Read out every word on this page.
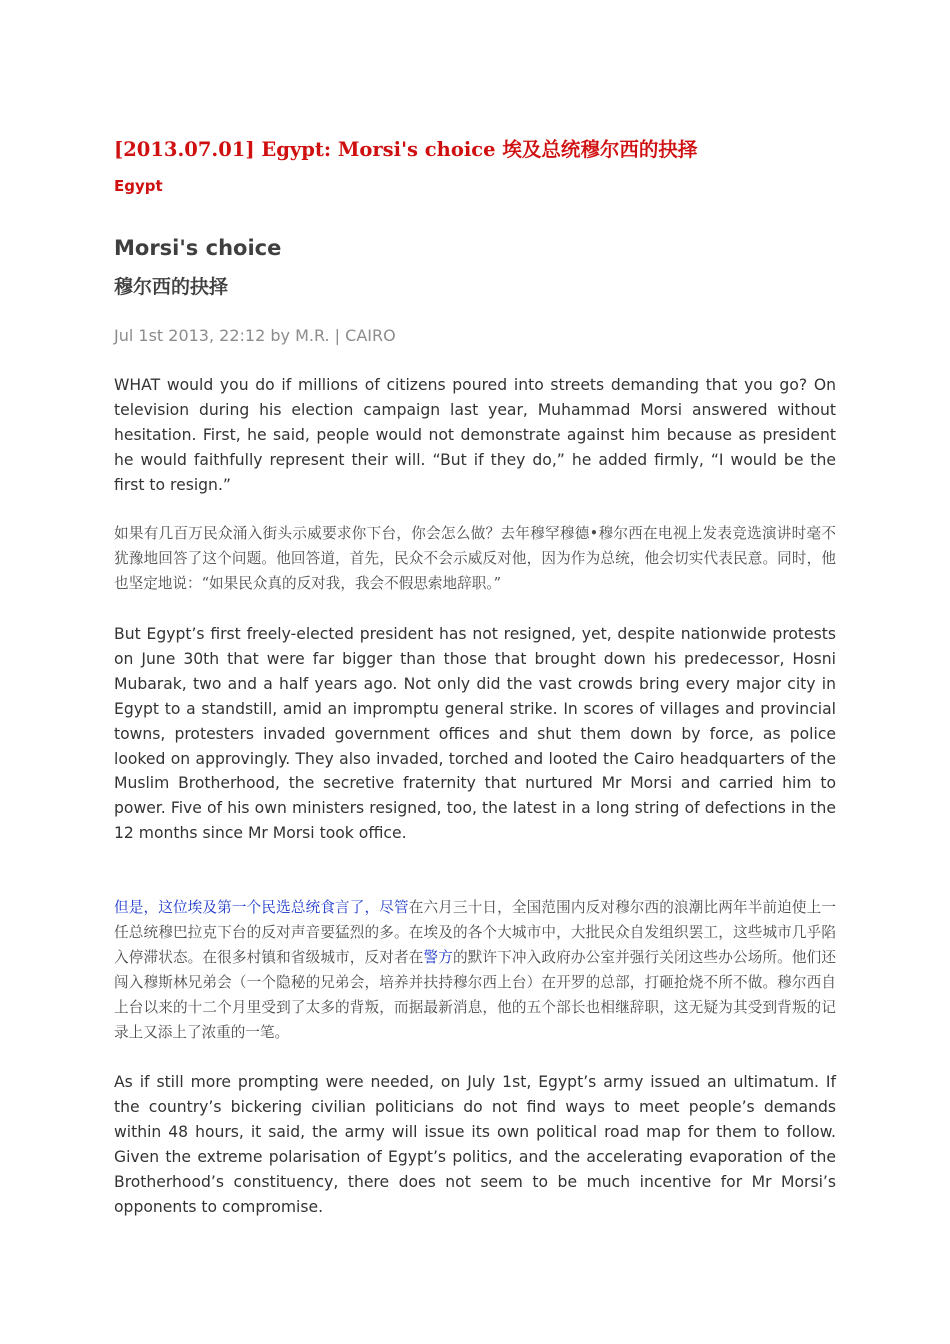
[2013.07.01] Egypt: Morsi's choice 埃及总统穆尔西的抉择
Egypt
Morsi's choice
穆尔西的抉择
Jul 1st 2013, 22:12 by M.R. | CAIRO

WHAT would you do if millions of citizens poured into streets demanding that you go? On television during his election campaign last year, Muhammad Morsi answered without hesitation. First, he said, people would not demonstrate against him because as president he would faithfully represent their will. “But if they do,” he added firmly, “I would be the first to resign.”

如果有几百万民众涌入街头示威要求你下台，你会怎么做？去年穆罕穆德•穆尔西在电视上发表竞选演讲时毫不犹豫地回答了这个问题。他回答道，首先，民众不会示威反对他，因为作为总统，他会切实代表民意。同时，他也坚定地说：“如果民众真的反对我，我会不假思索地辞职。”

But Egypt’s first freely-elected president has not resigned, yet, despite nationwide protests on June 30th that were far bigger than those that brought down his predecessor, Hosni Mubarak, two and a half years ago. Not only did the vast crowds bring every major city in Egypt to a standstill, amid an impromptu general strike. In scores of villages and provincial towns, protesters invaded government offices and shut them down by force, as police looked on approvingly. They also invaded, torched and looted the Cairo headquarters of the Muslim Brotherhood, the secretive fraternity that nurtured Mr Morsi and carried him to power. Five of his own ministers resigned, too, the latest in a long string of defections in the 12 months since Mr Morsi took office.

但是，这位埃及第一个民选总统食言了，尽管在六月三十日，全国范围内反对穆尔西的浪潮比两年半前迫使上一任总统穆巴拉克下台的反对声音要猛烈的多。在埃及的各个大城市中，大批民众自发组织罢工，这些城市几乎陷入停滞状态。在很多村镇和省级城市，反对者在警方的默许下冲入政府办公室并强行关闭这些办公场所。他们还闯入穆斯林兄弟会（一个隐秘的兄弟会，培养并扶持穆尔西上台）在开罗的总部，打砸抢烧不所不做。穆尔西自上台以来的十二个月里受到了太多的背叛，而据最新消息，他的五个部长也相继辞职，这无疑为其受到背叛的记录上又添上了浓重的一笔。

As if still more prompting were needed, on July 1st, Egypt’s army issued an ultimatum. If the country’s bickering civilian politicians do not find ways to meet people’s demands within 48 hours, it said, the army will issue its own political road map for them to follow. Given the extreme polarisation of Egypt’s politics, and the accelerating evaporation of the Brotherhood’s constituency, there does not seem to be much incentive for Mr Morsi’s opponents to compromise.
